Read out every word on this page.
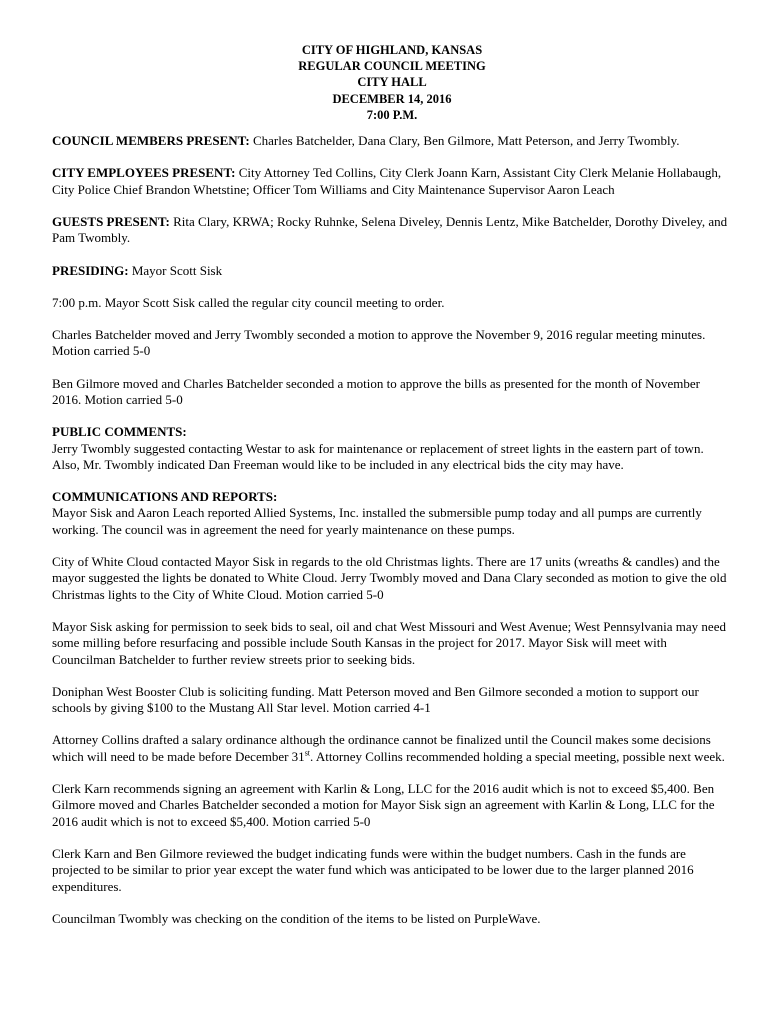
CITY OF HIGHLAND, KANSAS
REGULAR COUNCIL MEETING
CITY HALL
DECEMBER 14, 2016
7:00 P.M.

COUNCIL MEMBERS PRESENT: Charles Batchelder, Dana Clary, Ben Gilmore, Matt Peterson, and Jerry Twombly.

CITY EMPLOYEES PRESENT: City Attorney Ted Collins, City Clerk Joann Karn, Assistant City Clerk Melanie Hollabaugh, City Police Chief Brandon Whetstine; Officer Tom Williams and City Maintenance Supervisor Aaron Leach

GUESTS PRESENT: Rita Clary, KRWA; Rocky Ruhnke, Selena Diveley, Dennis Lentz, Mike Batchelder, Dorothy Diveley, and Pam Twombly.

PRESIDING: Mayor Scott Sisk

7:00 p.m. Mayor Scott Sisk called the regular city council meeting to order.

Charles Batchelder moved and Jerry Twombly seconded a motion to approve the November 9, 2016 regular meeting minutes. Motion carried 5-0

Ben Gilmore moved and Charles Batchelder seconded a motion to approve the bills as presented for the month of November 2016. Motion carried 5-0

PUBLIC COMMENTS:
Jerry Twombly suggested contacting Westar to ask for maintenance or replacement of street lights in the eastern part of town. Also, Mr. Twombly indicated Dan Freeman would like to be included in any electrical bids the city may have.

COMMUNICATIONS AND REPORTS:
Mayor Sisk and Aaron Leach reported Allied Systems, Inc. installed the submersible pump today and all pumps are currently working. The council was in agreement the need for yearly maintenance on these pumps.

City of White Cloud contacted Mayor Sisk in regards to the old Christmas lights. There are 17 units (wreaths & candles) and the mayor suggested the lights be donated to White Cloud. Jerry Twombly moved and Dana Clary seconded as motion to give the old Christmas lights to the City of White Cloud. Motion carried 5-0

Mayor Sisk asking for permission to seek bids to seal, oil and chat West Missouri and West Avenue; West Pennsylvania may need some milling before resurfacing and possible include South Kansas in the project for 2017. Mayor Sisk will meet with Councilman Batchelder to further review streets prior to seeking bids.

Doniphan West Booster Club is soliciting funding. Matt Peterson moved and Ben Gilmore seconded a motion to support our schools by giving $100 to the Mustang All Star level. Motion carried 4-1

Attorney Collins drafted a salary ordinance although the ordinance cannot be finalized until the Council makes some decisions which will need to be made before December 31st. Attorney Collins recommended holding a special meeting, possible next week.

Clerk Karn recommends signing an agreement with Karlin & Long, LLC for the 2016 audit which is not to exceed $5,400. Ben Gilmore moved and Charles Batchelder seconded a motion for Mayor Sisk sign an agreement with Karlin & Long, LLC for the 2016 audit which is not to exceed $5,400. Motion carried 5-0

Clerk Karn and Ben Gilmore reviewed the budget indicating funds were within the budget numbers. Cash in the funds are projected to be similar to prior year except the water fund which was anticipated to be lower due to the larger planned 2016 expenditures.

Councilman Twombly was checking on the condition of the items to be listed on PurpleWave.
